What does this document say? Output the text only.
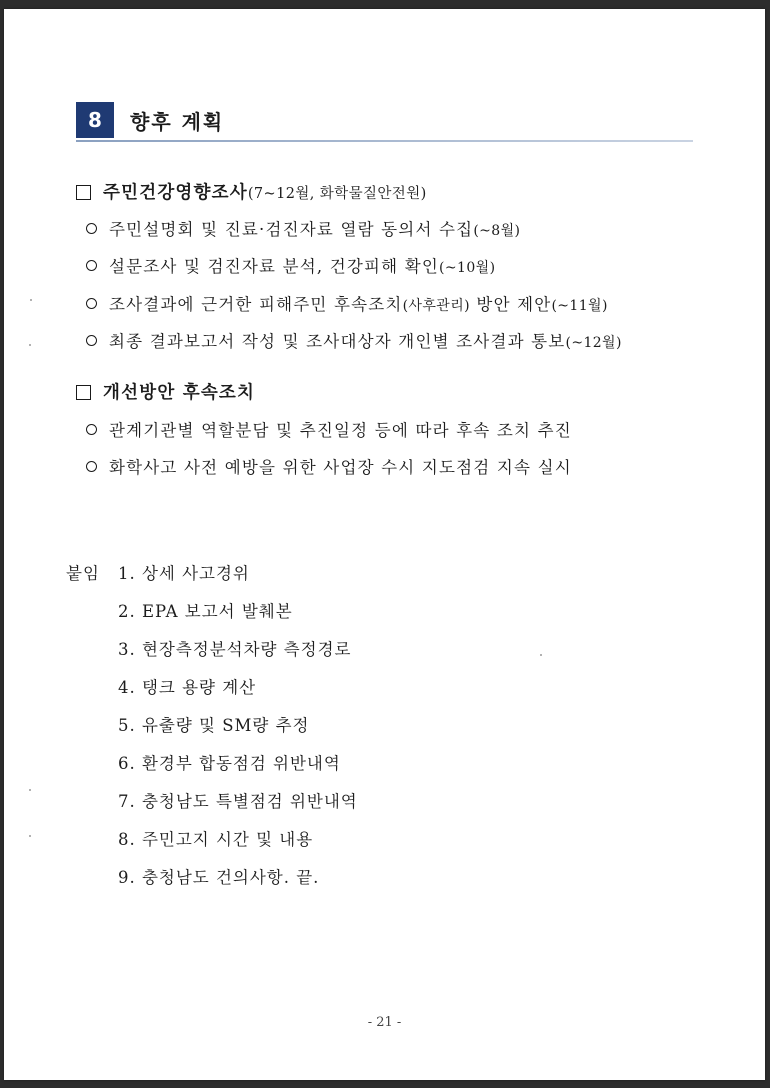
8	향후 계획
주민건강영향조사(7~12월, 화학물질안전원)
주민설명회 및 진료·검진자료 열람 동의서 수집(~8월)
설문조사 및 검진자료 분석, 건강피해 확인(~10월)
조사결과에 근거한 피해주민 후속조치(사후관리) 방안 제안(~11월)
최종 결과보고서 작성 및 조사대상자 개인별 조사결과 통보(~12월)
개선방안 후속조치
관계기관별 역할분담 및 추진일정 등에 따라 후속 조치 추진
화학사고 사전 예방을 위한 사업장 수시 지도점검 지속 실시
붙임 1. 상세 사고경위
2. EPA 보고서 발췌본
3. 현장측정분석차량 측정경로
4. 탱크 용량 계산
5. 유출량 및 SM량 추정
6. 환경부 합동점검 위반내역
7. 충청남도 특별점검 위반내역
8. 주민고지 시간 및 내용
9. 충청남도 건의사항. 끝.
- 21 -
